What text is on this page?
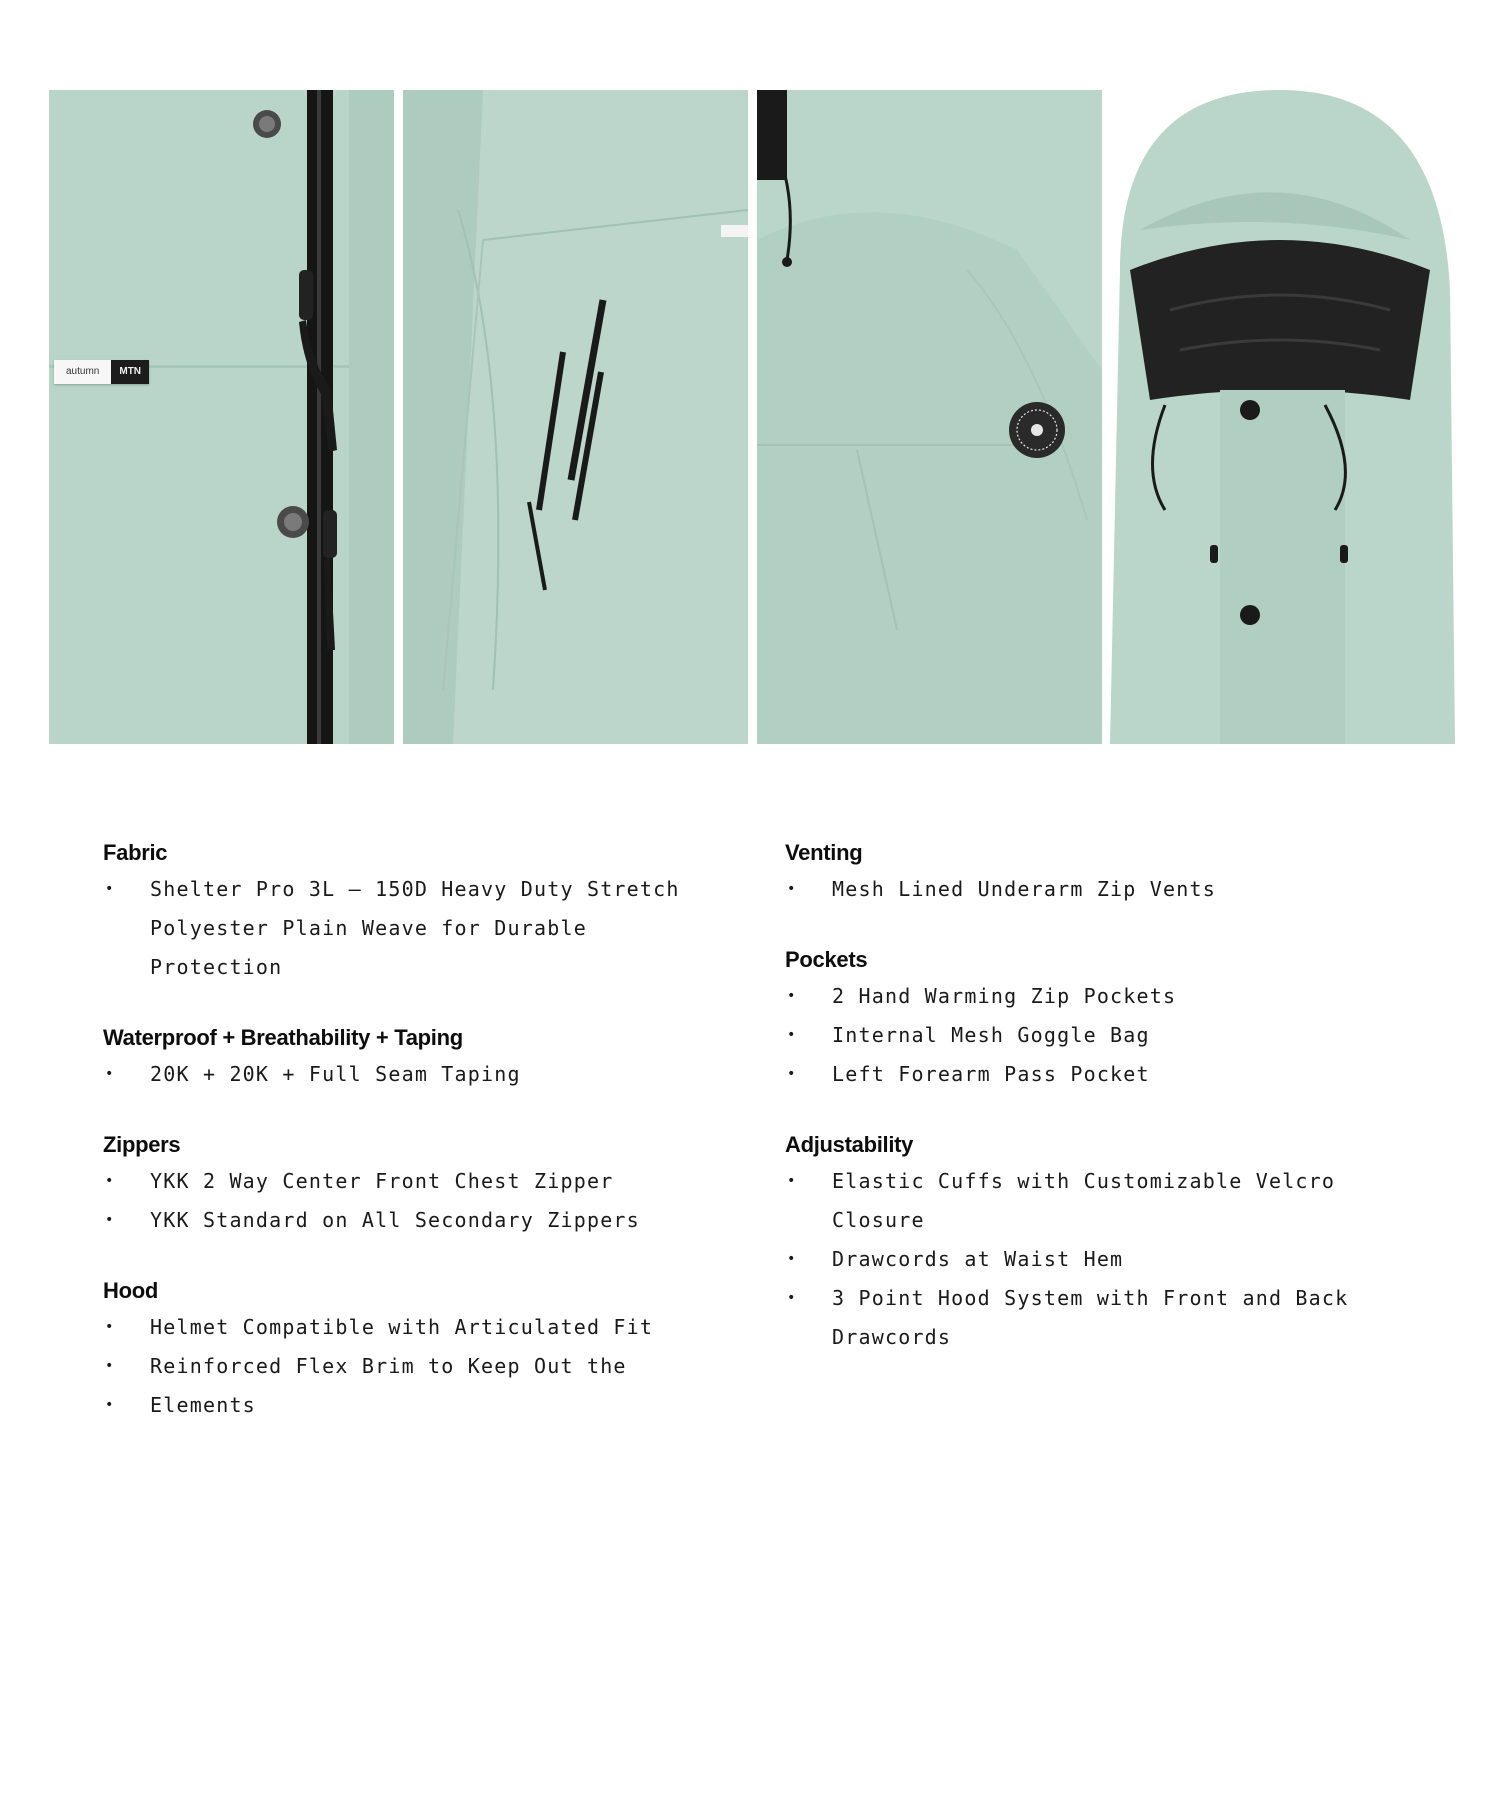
autumn	MTN
Fabric
• Shelter Pro 3L – 150D Heavy Duty Stretch Polyester Plain Weave for Durable Protection
Waterproof + Breathability + Taping
• 20K + 20K + Full Seam Taping
Zippers
• YKK 2 Way Center Front Chest Zipper
• YKK Standard on All Secondary Zippers
Hood
• Helmet Compatible with Articulated Fit
• Reinforced Flex Brim to Keep Out the
• Elements
Venting
• Mesh Lined Underarm Zip Vents
Pockets
• 2 Hand Warming Zip Pockets
• Internal Mesh Goggle Bag
• Left Forearm Pass Pocket
Adjustability
• Elastic Cuffs with Customizable Velcro Closure
• Drawcords at Waist Hem
• 3 Point Hood System with Front and Back Drawcords
